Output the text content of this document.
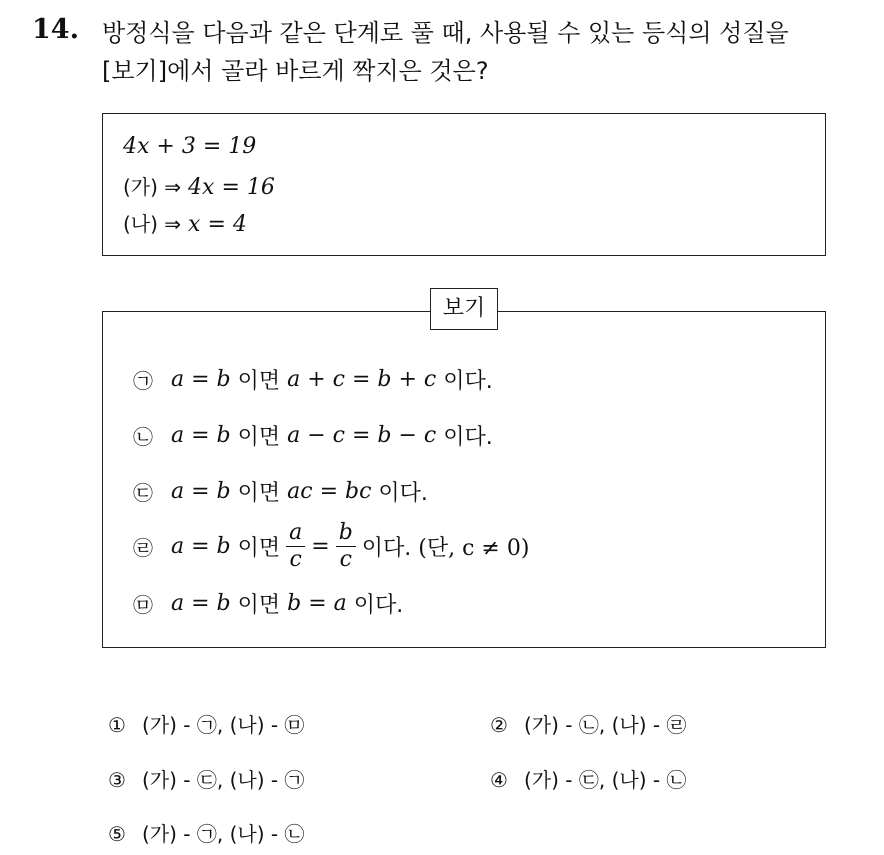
14. 방정식을 다음과 같은 단계로 풀 때, 사용될 수 있는 등식의 성질을
[보기]에서 골라 바르게 짝지은 것은?
4x + 3 = 19
(가) ⇒ 4x = 16
(나) ⇒ x = 4
㉠ a = b
이면
a + c = b + c
이다.
㉡ a = b
이면
a − c = b − c
이다.
㉢ a = b
이면
ac = bc
이다.
㉣ a = b
이면 $\frac{a}{c} = \frac{b}{c}$ 이다.
(단, c ≠ 0)
㉤ a = b
이면
b = a
이다.
보기
① (가) - ㉠, (나) - ㉤	② (가) - ㉡, (나) - ㉣
③ (가) - ㉢, (나) - ㉠	④ (가) - ㉢, (나) - ㉡
⑤ (가) - ㉠, (나) - ㉡
